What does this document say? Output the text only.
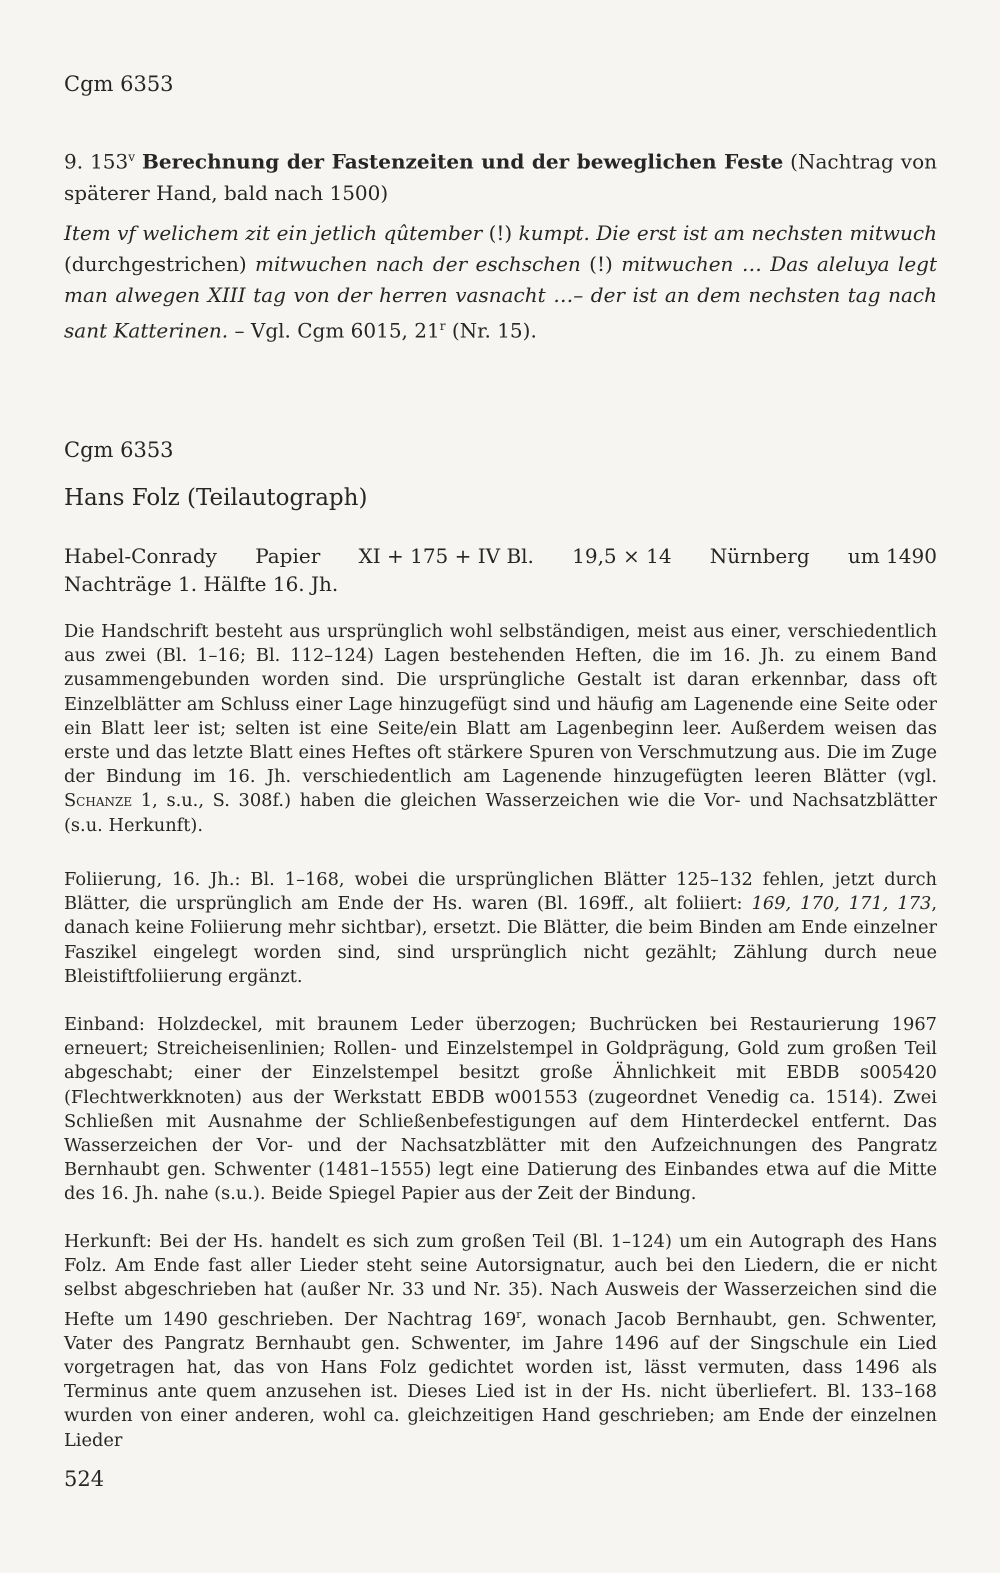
Cgm 6353
9. 153$^v$ Berechnung der Fastenzeiten und der beweglichen Feste (Nachtrag von späterer Hand, bald nach 1500)
Item vf welichem zit ein jetlich qûtember (!) kumpt. Die erst ist am nechsten mitwuch (durchgestrichen) mitwuchen nach der eschschen (!) mitwuchen … Das aleluya legt man alwegen XIII tag von der herren vasnacht …– der ist an dem nechsten tag nach sant Katterinen. – Vgl. Cgm 6015, 21$^r$ (Nr. 15).
Cgm 6353
Hans Folz (Teilautograph)
Habel-Conrady Papier XI + 175 + IV Bl. 19,5 × 14 Nürnberg um 1490
Nachträge 1. Hälfte 16. Jh.
Die Handschrift besteht aus ursprünglich wohl selbständigen, meist aus einer, verschiedentlich aus zwei (Bl. 1–16; Bl. 112–124) Lagen bestehenden Heften, die im 16. Jh. zu einem Band zusammengebunden worden sind. Die ursprüngliche Gestalt ist daran erkennbar, dass oft Einzelblätter am Schluss einer Lage hinzugefügt sind und häufig am Lagenende eine Seite oder ein Blatt leer ist; selten ist eine Seite/ein Blatt am Lagenbeginn leer. Außerdem weisen das erste und das letzte Blatt eines Heftes oft stärkere Spuren von Verschmutzung aus. Die im Zuge der Bindung im 16. Jh. verschiedentlich am Lagenende hinzugefügten leeren Blätter (vgl. Schanze 1, s.u., S. 308f.) haben die gleichen Wasserzeichen wie die Vor- und Nachsatzblätter (s.u. Herkunft).
Foliierung, 16. Jh.: Bl. 1–168, wobei die ursprünglichen Blätter 125–132 fehlen, jetzt durch Blätter, die ursprünglich am Ende der Hs. waren (Bl. 169ff., alt foliiert: 169, 170, 171, 173, danach keine Foliierung mehr sichtbar), ersetzt. Die Blätter, die beim Binden am Ende einzelner Faszikel eingelegt worden sind, sind ursprünglich nicht gezählt; Zählung durch neue Bleistiftfoliierung ergänzt.
Einband: Holzdeckel, mit braunem Leder überzogen; Buchrücken bei Restaurierung 1967 erneuert; Streicheisenlinien; Rollen- und Einzelstempel in Goldprägung, Gold zum großen Teil abgeschabt; einer der Einzelstempel besitzt große Ähnlichkeit mit EBDB s005420 (Flechtwerkknoten) aus der Werkstatt EBDB w001553 (zugeordnet Venedig ca. 1514). Zwei Schließen mit Ausnahme der Schließenbefestigungen auf dem Hinterdeckel entfernt. Das Wasserzeichen der Vor- und der Nachsatzblätter mit den Aufzeichnungen des Pangratz Bernhaubt gen. Schwenter (1481–1555) legt eine Datierung des Einbandes etwa auf die Mitte des 16. Jh. nahe (s.u.). Beide Spiegel Papier aus der Zeit der Bindung.
Herkunft: Bei der Hs. handelt es sich zum großen Teil (Bl. 1–124) um ein Autograph des Hans Folz. Am Ende fast aller Lieder steht seine Autorsignatur, auch bei den Liedern, die er nicht selbst abgeschrieben hat (außer Nr. 33 und Nr. 35). Nach Ausweis der Wasserzeichen sind die Hefte um 1490 geschrieben. Der Nachtrag 169$^r$, wonach Jacob Bernhaubt, gen. Schwenter, Vater des Pangratz Bernhaubt gen. Schwenter, im Jahre 1496 auf der Singschule ein Lied vorgetragen hat, das von Hans Folz gedichtet worden ist, lässt vermuten, dass 1496 als Terminus ante quem anzusehen ist. Dieses Lied ist in der Hs. nicht überliefert. Bl. 133–168 wurden von einer anderen, wohl ca. gleichzeitigen Hand geschrieben; am Ende der einzelnen Lieder
524
